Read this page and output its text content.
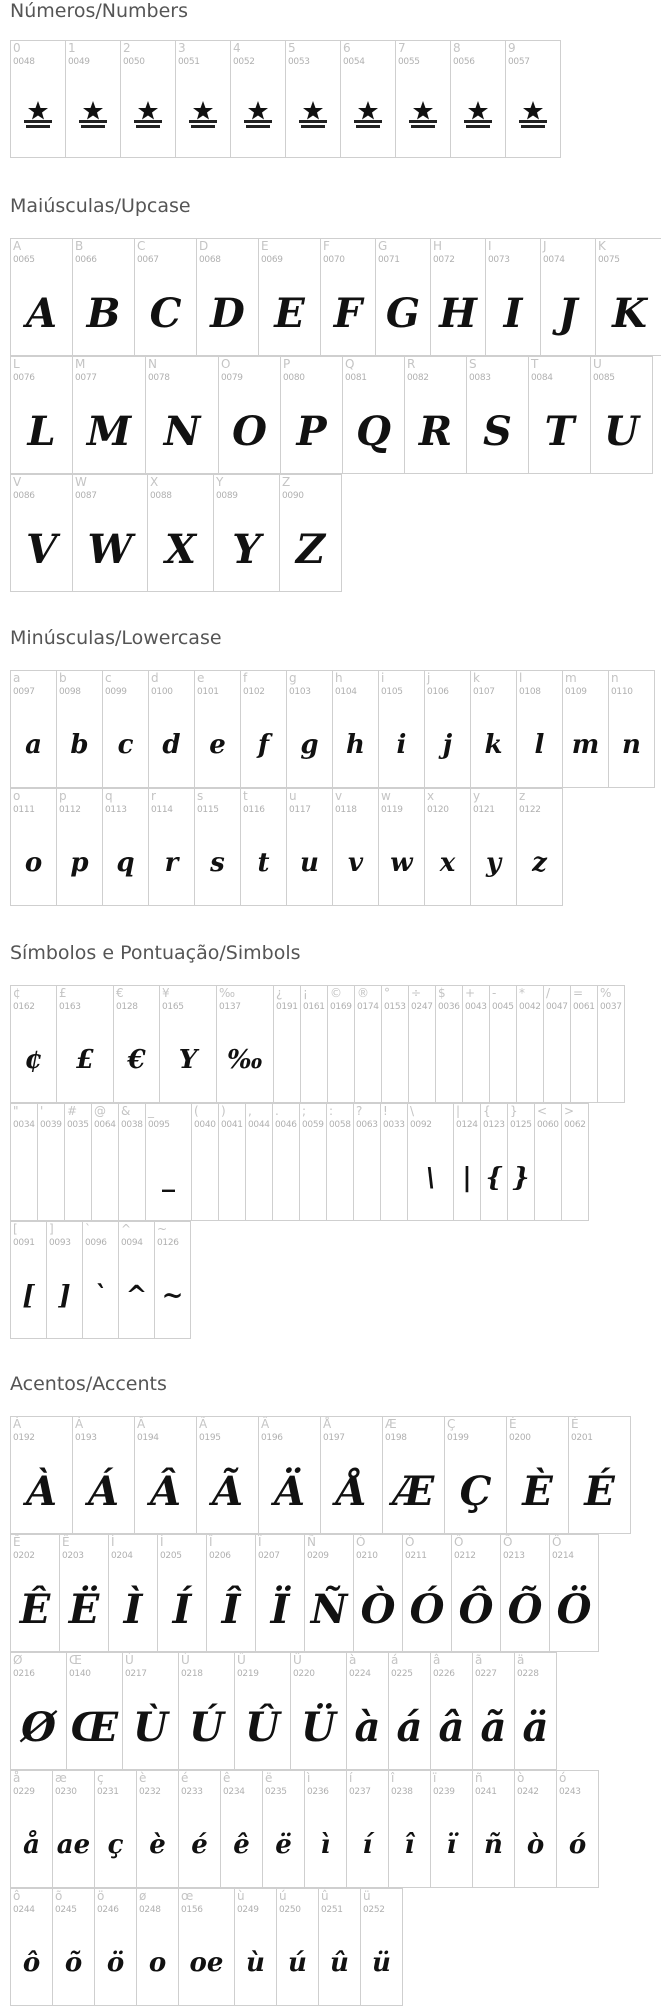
Números/Numbers
0
0048
1
0049
2
0050
3
0051
4
0052
5
0053
6
0054
7
0055
8
0056
9
0057
Maiúsculas/Upcase
A
0065
A
B
0066
B
C
0067
C
D
0068
D
E
0069
E
F
0070
F
G
0071
G
H
0072
H
I
0073
I
J
0074
J
K
0075
K
L
0076
L
M
0077
M
N
0078
N
O
0079
O
P
0080
P
Q
0081
Q
R
0082
R
S
0083
S
T
0084
T
U
0085
U
V
0086
V
W
0087
W
X
0088
X
Y
0089
Y
Z
0090
Z
Minúsculas/Lowercase
a
0097
a
b
0098
b
c
0099
c
d
0100
d
e
0101
e
f
0102
f
g
0103
g
h
0104
h
i
0105
i
j
0106
j
k
0107
k
l
0108
l
m
0109
m
n
0110
n
o
0111
o
p
0112
p
q
0113
q
r
0114
r
s
0115
s
t
0116
t
u
0117
u
v
0118
v
w
0119
w
x
0120
x
y
0121
y
z
0122
z
Símbolos e Pontuação/Simbols
¢
0162
¢
£
0163
£
€
0128
€
¥
0165
Y
‰
0137
‰
¿
0191
¡
0161
©
0169
®
0174
°
0153
÷
0247
$
0036
+
0043
-
0045
*
0042
/
0047
=
0061
%
0037
"
0034
'
0039
#
0035
@
0064
&
0038
_
0095
_
(
0040
)
0041
,
0044
.
0046
;
0059
:
0058
?
0063
!
0033
\
0092
\
|
0124
|
{
0123
{
}
0125
}
<
0060
>
0062
[
0091
[
]
0093
]
`
0096
`
^
0094
^
~
0126
~
Acentos/Accents
À
0192
À
Á
0193
Á
Â
0194
Â
Ã
0195
Ã
Ä
0196
Ä
Å
0197
Å
Æ
0198
Æ
Ç
0199
Ç
È
0200
È
É
0201
É
Ê
0202
Ê
Ë
0203
Ë
Ì
0204
Ì
Í
0205
Í
Î
0206
Î
Ï
0207
Ï
Ñ
0209
Ñ
Ò
0210
Ò
Ó
0211
Ó
Ô
0212
Ô
Õ
0213
Õ
Ö
0214
Ö
Ø
0216
Ø
Œ
0140
Œ
Ù
0217
Ù
Ú
0218
Ú
Û
0219
Û
Ü
0220
Ü
à
0224
à
á
0225
á
â
0226
â
ã
0227
ã
ä
0228
ä
å
0229
å
æ
0230
ae
ç
0231
ç
è
0232
è
é
0233
é
ê
0234
ê
ë
0235
ë
ì
0236
ì
í
0237
í
î
0238
î
ï
0239
ï
ñ
0241
ñ
ò
0242
ò
ó
0243
ó
ô
0244
ô
õ
0245
õ
ö
0246
ö
ø
0248
o
œ
0156
oe
ù
0249
ù
ú
0250
ú
û
0251
û
ü
0252
ü
